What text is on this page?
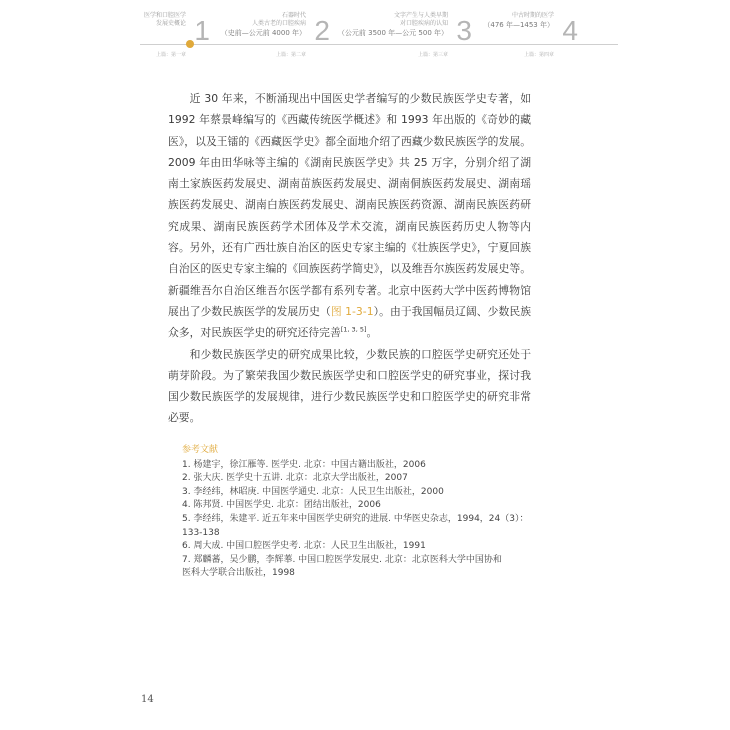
医学和口腔医学
发展史概论 1
上篇：第一章
石器时代
人类古老的口腔疾病
（史前—公元前 4000 年） 2
上篇：第二章
文字产生与人类早期
对口腔疾病的认知
（公元前 3500 年—公元 500 年） 3
上篇：第三章
中古时期的医学

（476 年—1453 年） 4
上篇：第四章

近 30 年来，不断涌现出中国医史学者编写的少数民族医学史专著，如 1992 年蔡景峰编写的《西藏传统医学概述》和 1993 年出版的《奇妙的藏医》，以及王镭的《西藏医学史》都全面地介绍了西藏少数民族医学的发展。2009 年由田华咏等主编的《湖南民族医学史》共 25 万字，分别介绍了湖南土家族医药发展史、湖南苗族医药发展史、湖南侗族医药发展史、湖南瑶族医药发展史、湖南白族医药发展史、湖南民族医药资源、湖南民族医药研究成果、湖南民族医药学术团体及学术交流，湖南民族医药历史人物等内容。另外，还有广西壮族自治区的医史专家主编的《壮族医学史》，宁夏回族自治区的医史专家主编的《回族医药学简史》，以及维吾尔族医药发展史等。新疆维吾尔自治区维吾尔医学都有系列专著。北京中医药大学中医药博物馆展出了少数民族医学的发展历史（图 1-3-1）。由于我国幅员辽阔、少数民族众多，对民族医学史的研究还待完善[1, 3, 5]。

和少数民族医学史的研究成果比较，少数民族的口腔医学史研究还处于萌芽阶段。为了繁荣我国少数民族医学史和口腔医学史的研究事业，探讨我国少数民族医学的发展规律，进行少数民族医学史和口腔医学史的研究非常必要。

参考文献
1. 杨建宇，徐江雁等. 医学史. 北京：中国古籍出版社，2006
2. 张大庆. 医学史十五讲. 北京：北京大学出版社，2007
3. 李经纬，林昭庚. 中国医学通史. 北京：人民卫生出版社，2000
4. 陈邦贤. 中国医学史. 北京：团结出版社，2006
5. 李经纬，朱建平. 近五年来中国医学史研究的进展. 中华医史杂志，1994，24（3）：
133-138
6. 周大成. 中国口腔医学史考. 北京：人民卫生出版社，1991
7. 郑麟蕃，吴少鹏，李辉菶. 中国口腔医学发展史. 北京：北京医科大学中国协和
医科大学联合出版社，1998
14
